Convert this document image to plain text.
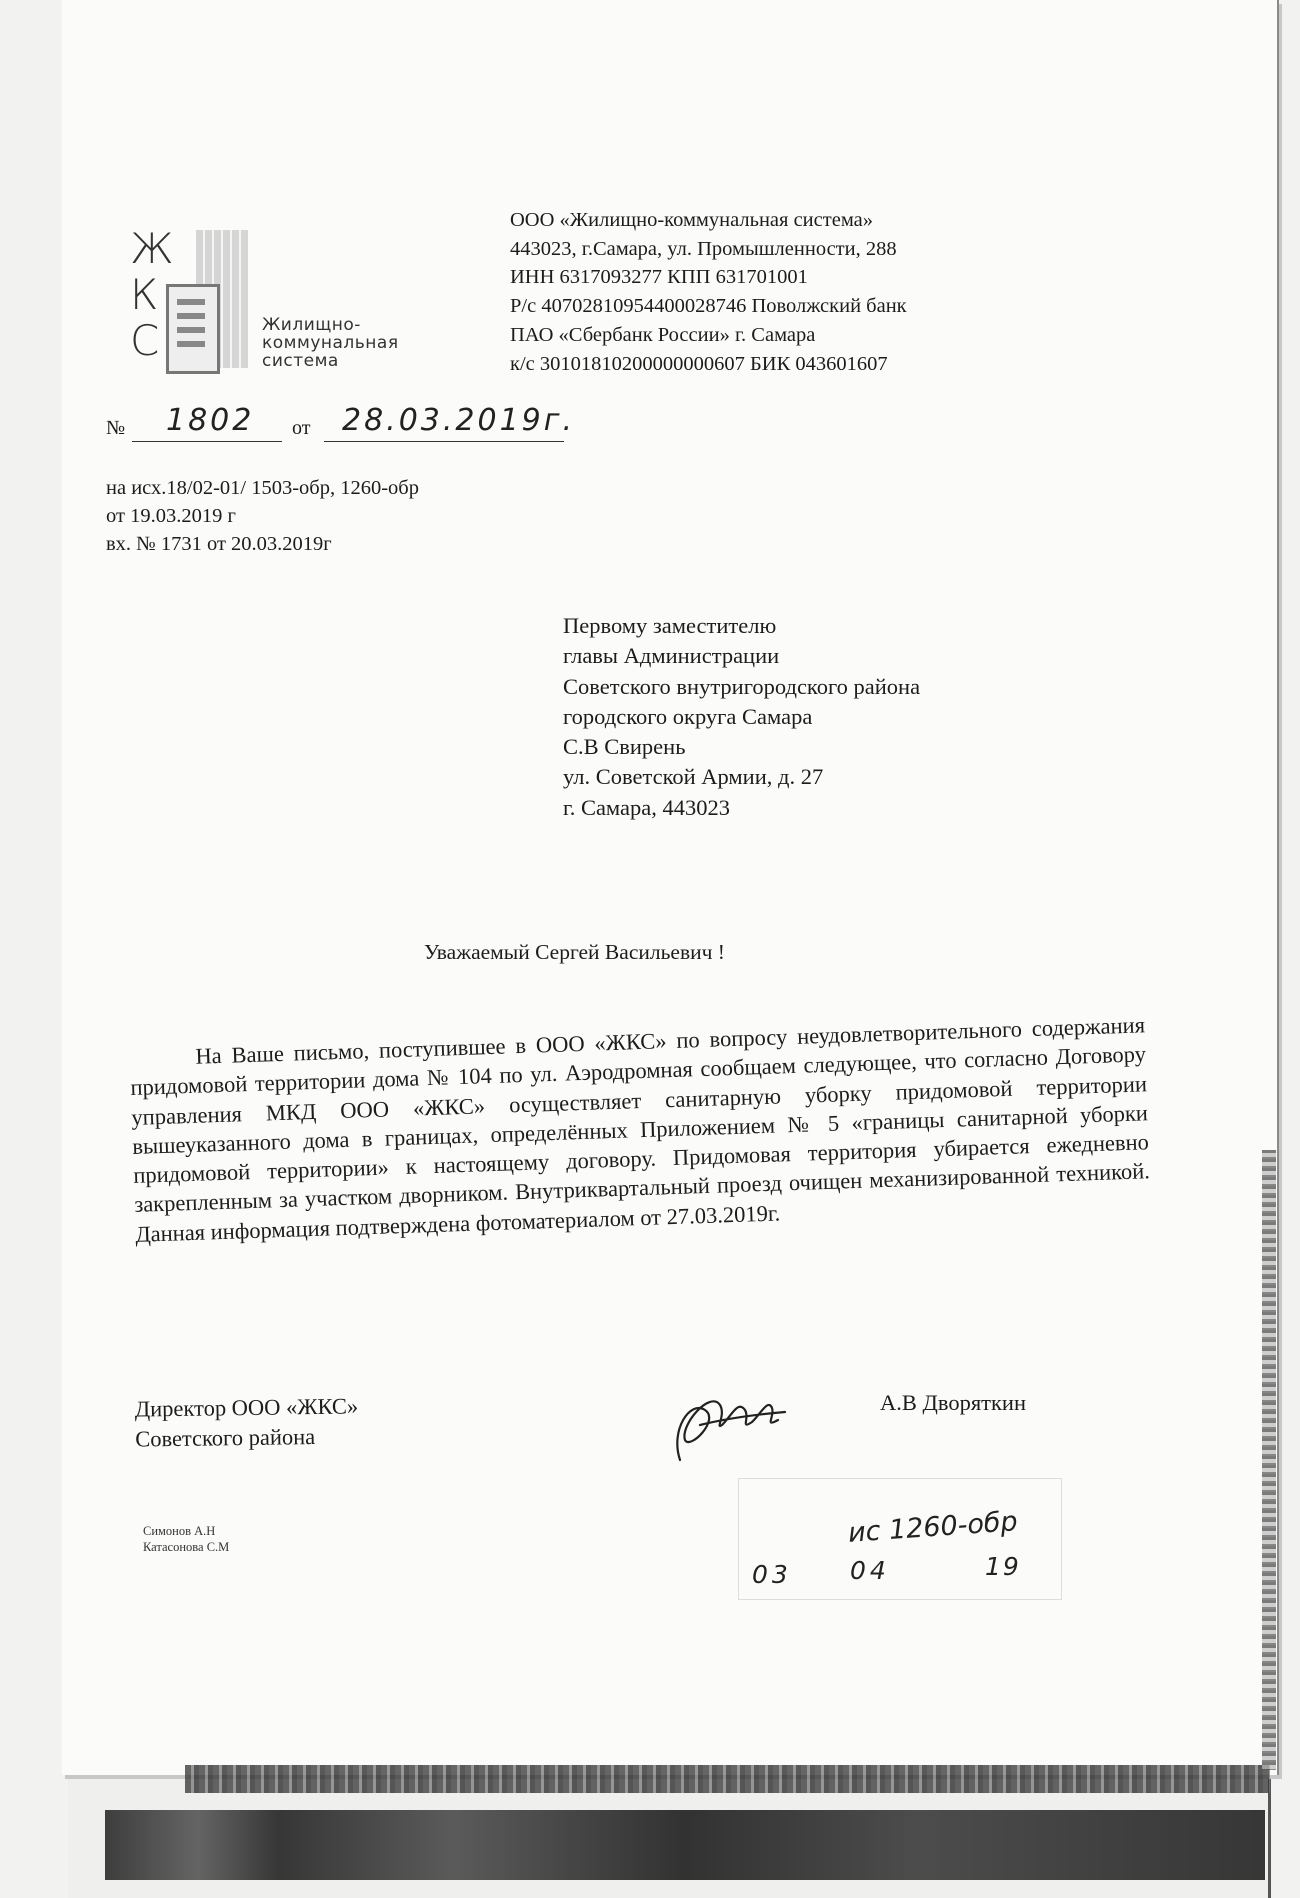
Ж
К
С	Жилищно-
коммунальная
система
ООО «Жилищно-коммунальная система»
443023, г.Самара, ул. Промышленности, 288
ИНН 6317093277 КПП 631701001
Р/с 40702810954400028746 Поволжский банк
ПАО «Сбербанк России» г. Самара
к/с 30101810200000000607 БИК 043601607
№ 1802 от 28.03.2019г.
на исх.18/02-01/ 1503-обр, 1260-обр
от 19.03.2019 г
вх. № 1731 от 20.03.2019г
Первому заместителю
главы Администрации
Советского внутригородского района
городского округа Самара
С.В Свирень
ул. Советской Армии, д. 27
г. Самара, 443023
Уважаемый Сергей Васильевич !

На Ваше письмо, поступившее в ООО «ЖКС» по вопросу неудовлетворительного содержания придомовой территории дома № 104 по ул. Аэродромная сообщаем следующее, что согласно Договору управления МКД ООО «ЖКС» осуществляет санитарную уборку придомовой территории вышеуказанного дома в границах, определённых Приложением № 5 «границы санитарной уборки придомовой территории» к настоящему договору. Придомовая территория убирается ежедневно закрепленным за участком дворником. Внутриквартальный проезд очищен механизированной техникой. Данная информация подтверждена фотоматериалом от 27.03.2019г.

Директор ООО «ЖКС»
Советского района
А.В Дворяткин
Симонов А.Н
Катасонова С.М	ис 1260-обр
03 04	19
